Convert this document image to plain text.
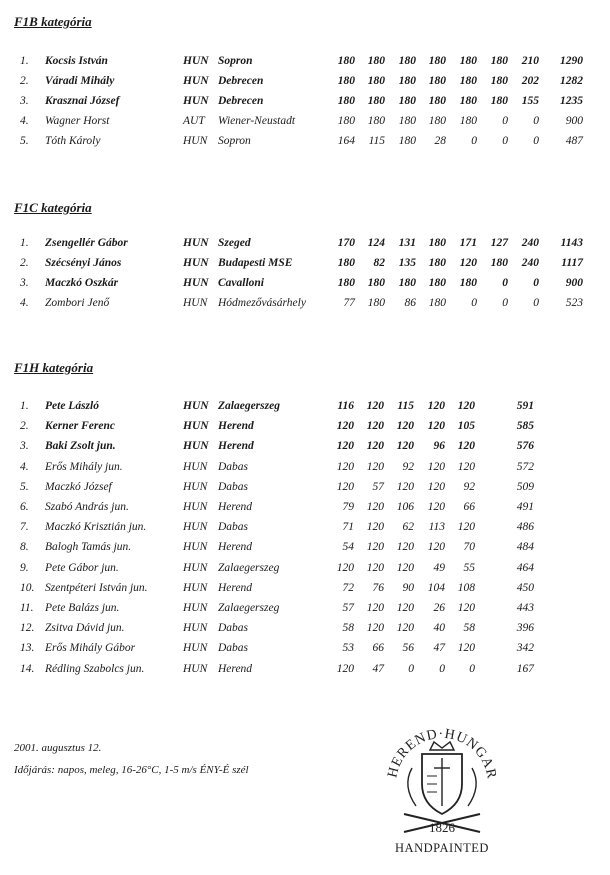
F1B kategória
1. Kocsis István	HUN Sopron	180	180	180	180	180	180	210	1290
2. Váradi Mihály	HUN Debrecen	180	180	180	180	180	180	202	1282
3. Krasznai József	HUN Debrecen	180	180	180	180	180	180	155	1235
4. Wagner Horst	AUT Wiener-Neustadt	180	180	180	180	180	0	0	900
5. Tóth Károly	HUN Sopron	164	115	180	28	0	0	0	487
F1C kategória
1. Zsengellér Gábor	HUN Szeged	170	124	131	180	171	127	240	1143
2. Szécsényi János	HUN Budapesti MSE	180	82	135	180	120	180	240	1117
3. Maczkó Oszkár	HUN Cavalloni	180	180	180	180	180	0	0	900
4. Zombori Jenő	HUN Hódmezővásárhely	77	180	86	180	0	0	0	523
F1H kategória
1. Pete László	HUN Zalaegerszeg	116	120	115	120	120	591
2. Kerner Ferenc	HUN Herend	120	120	120	120	105	585
3. Baki Zsolt jun.	HUN Herend	120	120	120	96	120	576
4. Erős Mihály jun.	HUN Dabas	120	120	92	120	120	572
5. Maczkó József	HUN Dabas	120	57	120	120	92	509
6. Szabó András jun.	HUN Herend	79	120	106	120	66	491
7. Maczkó Krisztián jun.	HUN Dabas	71	120	62	113	120	486
8. Balogh Tamás jun.	HUN Herend	54	120	120	120	70	484
9. Pete Gábor jun.	HUN Zalaegerszeg	120	120	120	49	55	464
10. Szentpéteri István jun.	HUN Herend	72	76	90	104	108	450
11. Pete Balázs jun.	HUN Zalaegerszeg	57	120	120	26	120	443
12. Zsitva Dávid jun.	HUN Dabas	58	120	120	40	58	396
13. Erős Mihály Gábor	HUN Dabas	53	66	56	47	120	342
14. Rédling Szabolcs jun.	HUN Herend	120	47	0	0	0	167
2001. augusztus 12.
Időjárás: napos, meleg, 16-26°C, 1-5 m/s ÉNY-É szél	HEREND·HUNGAR
1826
HANDPAINTED
